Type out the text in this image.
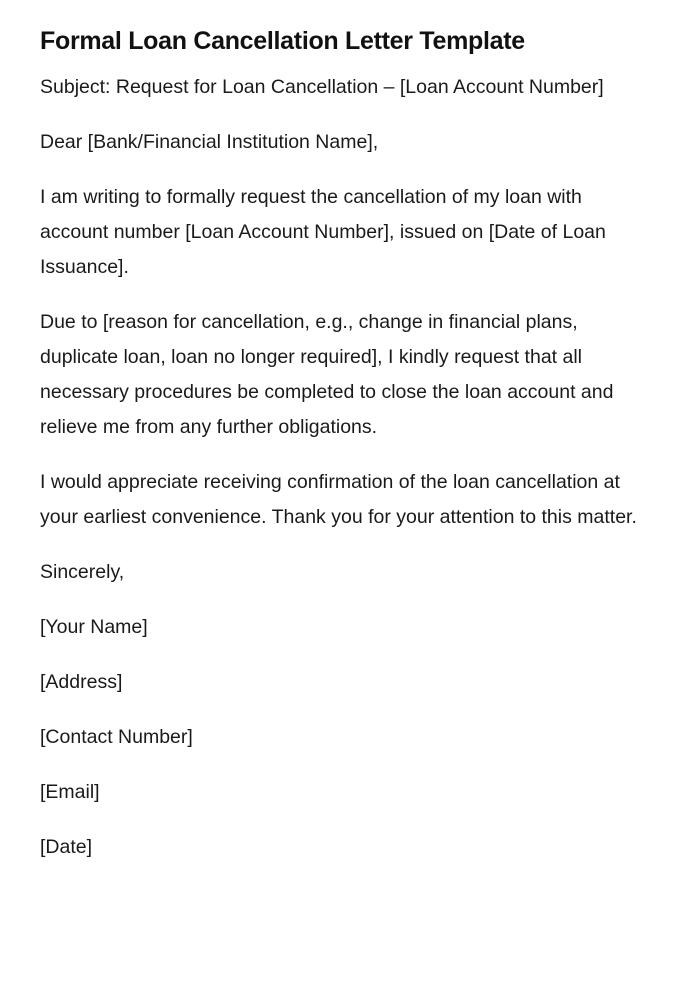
Formal Loan Cancellation Letter Template

Subject: Request for Loan Cancellation – [Loan Account Number]

Dear [Bank/Financial Institution Name],

I am writing to formally request the cancellation of my loan with account number [Loan Account Number], issued on [Date of Loan Issuance].

Due to [reason for cancellation, e.g., change in financial plans, duplicate loan, loan no longer required], I kindly request that all necessary procedures be completed to close the loan account and relieve me from any further obligations.

I would appreciate receiving confirmation of the loan cancellation at your earliest convenience. Thank you for your attention to this matter.

Sincerely,

[Your Name]

[Address]

[Contact Number]

[Email]

[Date]
